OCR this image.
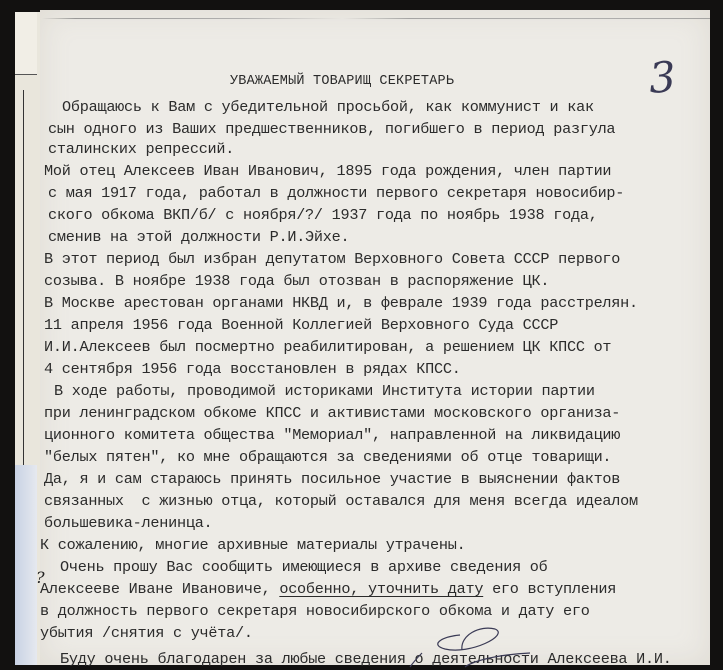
3
УВАЖАЕМЫЙ ТОВАРИЩ СЕКРЕТАРЬ
Обращаюсь к Вам с убедительной просьбой, как коммунист и как
сын одного из Ваших предшественников, погибшего в период разгула
сталинских репрессий.
Мой отец Алексеев Иван Иванович, 1895 года рождения, член партии
с мая 1917 года, работал в должности первого секретаря новосибир-
ского обкома ВКП/б/ с ноября/?/ 1937 года по ноябрь 1938 года,
сменив на этой должности Р.И.Эйхе.
В этот период был избран депутатом Верховного Совета СССР первого
созыва. В ноябре 1938 года был отозван в распоряжение ЦК.
В Москве арестован органами НКВД и, в феврале 1939 года расстрелян.
11 апреля 1956 года Военной Коллегией Верховного Суда СССР
И.И.Алексеев был посмертно реабилитирован, а решением ЦК КПСС от
4 сентября 1956 года восстановлен в рядах КПСС.
В ходе работы, проводимой историками Института истории партии
при ленинградском обкоме КПСС и активистами московского организа-
ционного комитета общества "Мемориал", направленной на ликвидацию
"белых пятен", ко мне обращаются за сведениями об отце товарищи.
Да, я и сам стараюсь принять посильное участие в выяснении фактов
связанных  с жизнью отца, который оставался для меня всегда идеалом
большевика-ленинца.
К сожалению, многие архивные материалы утрачены.
Очень прошу Вас сообщить имеющиеся в архиве сведения об
Алексееве Иване Ивановиче, особенно, уточнить дату его вступления
в должность первого секретаря новосибирского обкома и дату его
убытия /снятия с учёта/.
Буду очень благодарен за любые сведения о деятельности Алексеева И.И.
?
